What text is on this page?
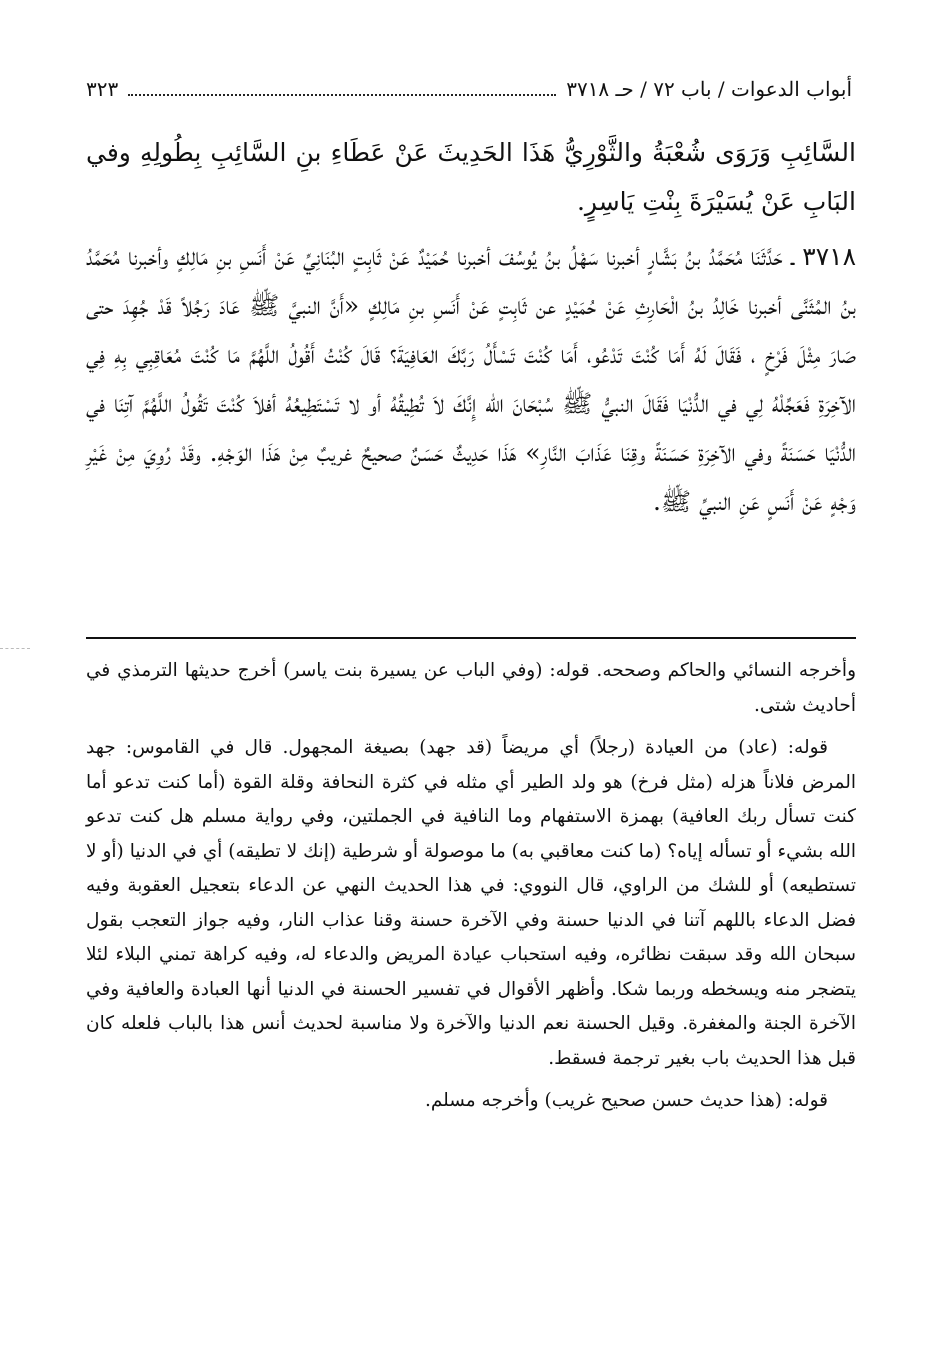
أبواب الدعوات / باب ٧٢ / حـ ٣٧١٨
٣٢٣

السَّائِبِ وَرَوَى شُعْبَةُ والثَّوْرِيُّ هَذَا الحَدِيثَ عَنْ عَطَاءِ بنِ السَّائِبِ بِطُولِهِ وفي البَابِ عَنْ يُسَيْرَةَ بِنْتِ يَاسِرٍ.

٣٧١٨ ـ حَدَّثَنَا مُحَمَّدُ بنُ بَشَّارٍ أخبرنا سَهْلُ بنُ يُوسُفَ أخبرنا حُمَيْدٌ عَنْ ثَابِتٍ البُنَانِيِّ عَنْ أَنَسِ بنِ مَالِكٍ وأخبرنا مُحَمَّدُ بنُ المُثَنَّى أخبرنا خَالِدُ بنُ الْحَارِثِ عَنْ حُمَيْدٍ عن ثَابِتٍ عَنْ أَنَسِ بنِ مَالِكٍ «أَنَّ النبيَّ ﷺ عَادَ رَجُلاً قَدْ جُهِدَ حتى صَارَ مِثْلَ فَرْخٍ ، فَقَالَ لَهُ أَمَا كُنْتَ تَدْعُو، أَمَا كُنْتَ تَسْأَلُ رَبَّكَ العَافِيَةَ؟ قَالَ كُنْتُ أَقُولُ اللَّهُمَّ مَا كُنْتَ مُعَاقِبِي بِهِ فِي الآخِرَةِ فَعَجِّلْهُ لِي في الدُّنْيَا فَقَالَ النبيُّ ﷺ سُبْحَانَ الله إِنَّكَ لاَ تُطِيقُهُ أو لا تَسْتَطِيعُهُ أفلاَ كُنْتَ تَقُولُ اللَّهُمَّ آتِنَا في الدُّنْيَا حَسَنَةً وفي الآخِرَةِ حَسَنَةً وقِنَا عَذَابَ النَّارِ» هَذَا حَدِيثٌ حَسَنٌ صحيحٌ غريبٌ مِنْ هَذَا الوَجْهِ. وقَدْ رُوِيَ مِنْ غَيْرِ وَجْهٍ عَنْ أَنَسٍ عَنِ النبيِّ ﷺ.

وأخرجه النسائي والحاكم وصححه. قوله: (وفي الباب عن يسيرة بنت ياسر) أخرج حديثها الترمذي في أحاديث شتى.

قوله: (عاد) من العيادة (رجلاً) أي مريضاً (قد جهد) بصيغة المجهول. قال في القاموس: جهد المرض فلاناً هزله (مثل فرخ) هو ولد الطير أي مثله في كثرة النحافة وقلة القوة (أما كنت تدعو أما كنت تسأل ربك العافية) بهمزة الاستفهام وما النافية في الجملتين، وفي رواية مسلم هل كنت تدعو الله بشيء أو تسأله إياه؟ (ما كنت معاقبي به) ما موصولة أو شرطية (إنك لا تطيقه) أي في الدنيا (أو لا تستطيعه) أو للشك من الراوي، قال النووي: في هذا الحديث النهي عن الدعاء بتعجيل العقوبة وفيه فضل الدعاء باللهم آتنا في الدنيا حسنة وفي الآخرة حسنة وقنا عذاب النار، وفيه جواز التعجب بقول سبحان الله وقد سبقت نظائره، وفيه استحباب عيادة المريض والدعاء له، وفيه كراهة تمني البلاء لئلا يتضجر منه ويسخطه وربما شكا. وأظهر الأقوال في تفسير الحسنة في الدنيا أنها العبادة والعافية وفي الآخرة الجنة والمغفرة. وقيل الحسنة نعم الدنيا والآخرة ولا مناسبة لحديث أنس هذا بالباب فلعله كان قبل هذا الحديث باب بغير ترجمة فسقط.

قوله: (هذا حديث حسن صحيح غريب) وأخرجه مسلم.
